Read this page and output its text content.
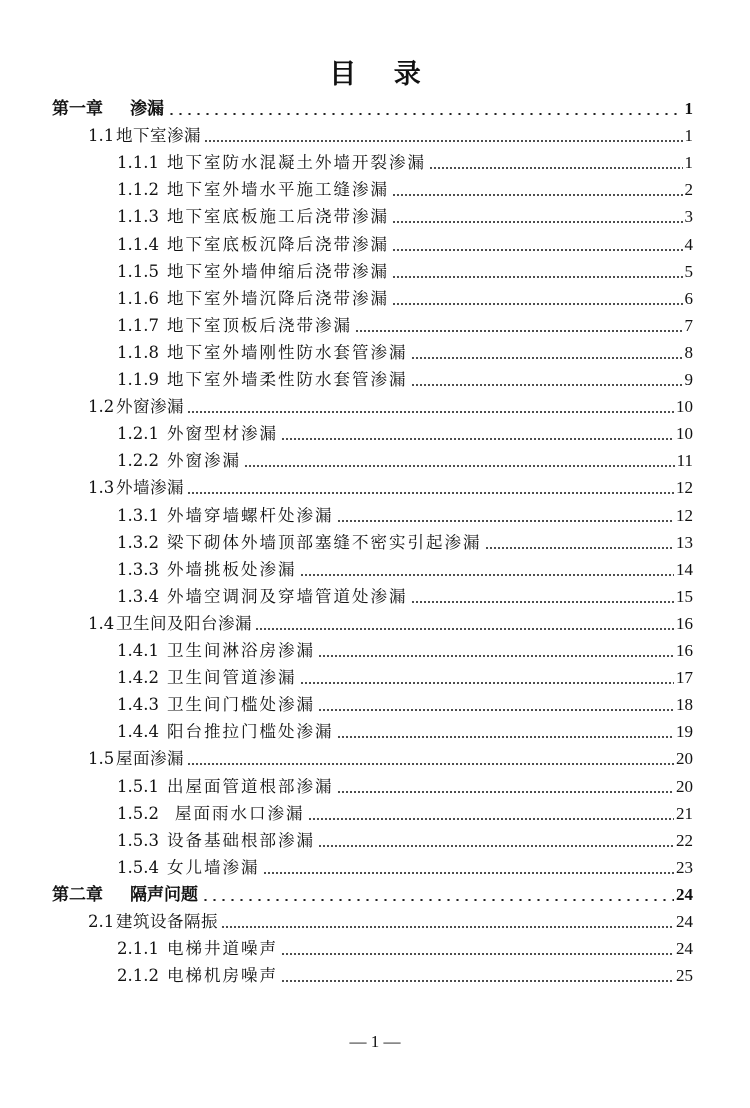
目 录
第一章	渗漏	1
1.1 地下室渗漏	1
1.1.1 地下室防水混凝土外墙开裂渗漏	1
1.1.2 地下室外墙水平施工缝渗漏	2
1.1.3 地下室底板施工后浇带渗漏	3
1.1.4 地下室底板沉降后浇带渗漏	4
1.1.5 地下室外墙伸缩后浇带渗漏	5
1.1.6 地下室外墙沉降后浇带渗漏	6
1.1.7 地下室顶板后浇带渗漏	7
1.1.8 地下室外墙刚性防水套管渗漏	8
1.1.9 地下室外墙柔性防水套管渗漏	9
1.2 外窗渗漏	10
1.2.1 外窗型材渗漏	10
1.2.2 外窗渗漏	11
1.3 外墙渗漏	12
1.3.1 外墙穿墙螺杆处渗漏	12
1.3.2 梁下砌体外墙顶部塞缝不密实引起渗漏	13
1.3.3 外墙挑板处渗漏	14
1.3.4 外墙空调洞及穿墙管道处渗漏	15
1.4 卫生间及阳台渗漏	16
1.4.1 卫生间淋浴房渗漏	16
1.4.2 卫生间管道渗漏	17
1.4.3 卫生间门槛处渗漏	18
1.4.4 阳台推拉门槛处渗漏	19
1.5 屋面渗漏	20
1.5.1 出屋面管道根部渗漏	20
1.5.2 屋面雨水口渗漏	21
1.5.3 设备基础根部渗漏	22
1.5.4 女儿墙渗漏	23
第二章	隔声问题	24
2.1 建筑设备隔振	24
2.1.1 电梯井道噪声	24
2.1.2 电梯机房噪声	25
— 1 —
